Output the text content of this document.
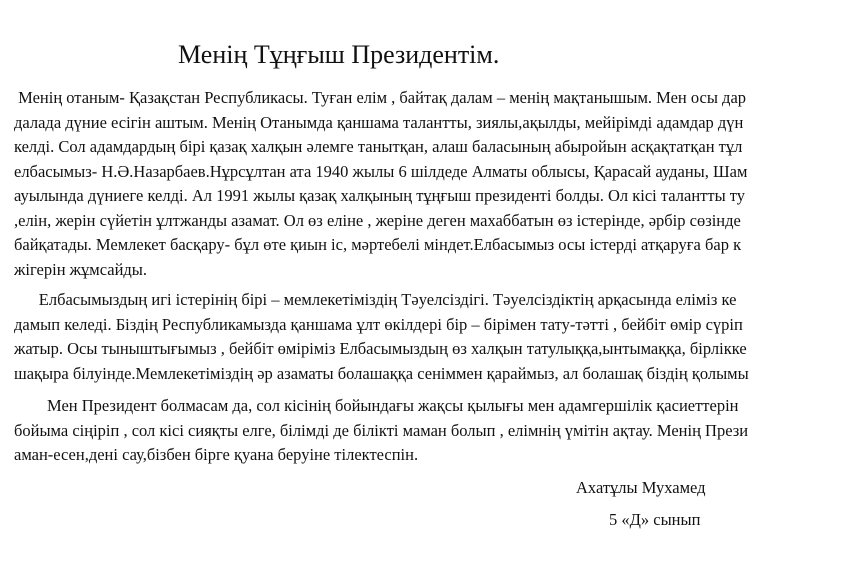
Менің Тұңғыш Президентім.
Менің отаным- Қазақстан Республикасы. Туған елім , байтақ далам – менің мақтанышым. Мен осы дар
далада дүние есігін аштым. Менің Отанымда қаншама талантты, зиялы,ақылды, мейірімді адамдар дүн
келді. Сол адамдардың бірі қазақ халқын әлемге танытқан, алаш баласының абыройын асқақтатқан тұл
елбасымыз- Н.Ә.Назарбаев.Нұрсұлтан ата 1940 жылы 6 шілдеде Алматы облысы, Қарасай ауданы, Шам
ауылында дүниеге келді. Ал 1991 жылы қазақ халқының тұңғыш президенті болды. Ол кісі талантты ту
,елін, жерін сүйетін ұлтжанды азамат. Ол өз еліне , жеріне деген махаббатын өз істерінде, әрбір сөзінде
байқатады. Мемлекет басқару- бұл өте қиын іс, мәртебелі міндет.Елбасымыз осы істерді атқаруға бар к
жігерін жұмсайды.
Елбасымыздың игі істерінің бірі – мемлекетіміздің Тәуелсіздігі. Тәуелсіздіктің арқасында еліміз ке
дамып келеді. Біздің Республикамызда қаншама ұлт өкілдері бір – бірімен тату-тәтті , бейбіт өмір сүріп
жатыр. Осы тыныштығымыз , бейбіт өміріміз Елбасымыздың өз халқын татулыққа,ынтымаққа, бірлікке
шақыра білуінде.Мемлекетіміздің әр азаматы болашаққа сеніммен қараймыз, ал болашақ біздің қолымы
Мен Президент болмасам да, сол кісінің бойындағы жақсы қылығы мен адамгершілік қасиеттерін
бойыма сіңіріп , сол кісі сияқты елге, білімді де білікті маман болып , елімнің үмітін ақтау. Менің Прези
аман-есен,дені сау,бізбен бірге қуана беруіне тілектеспін.
Ахатұлы Мухамед
5 «Д» сынып
